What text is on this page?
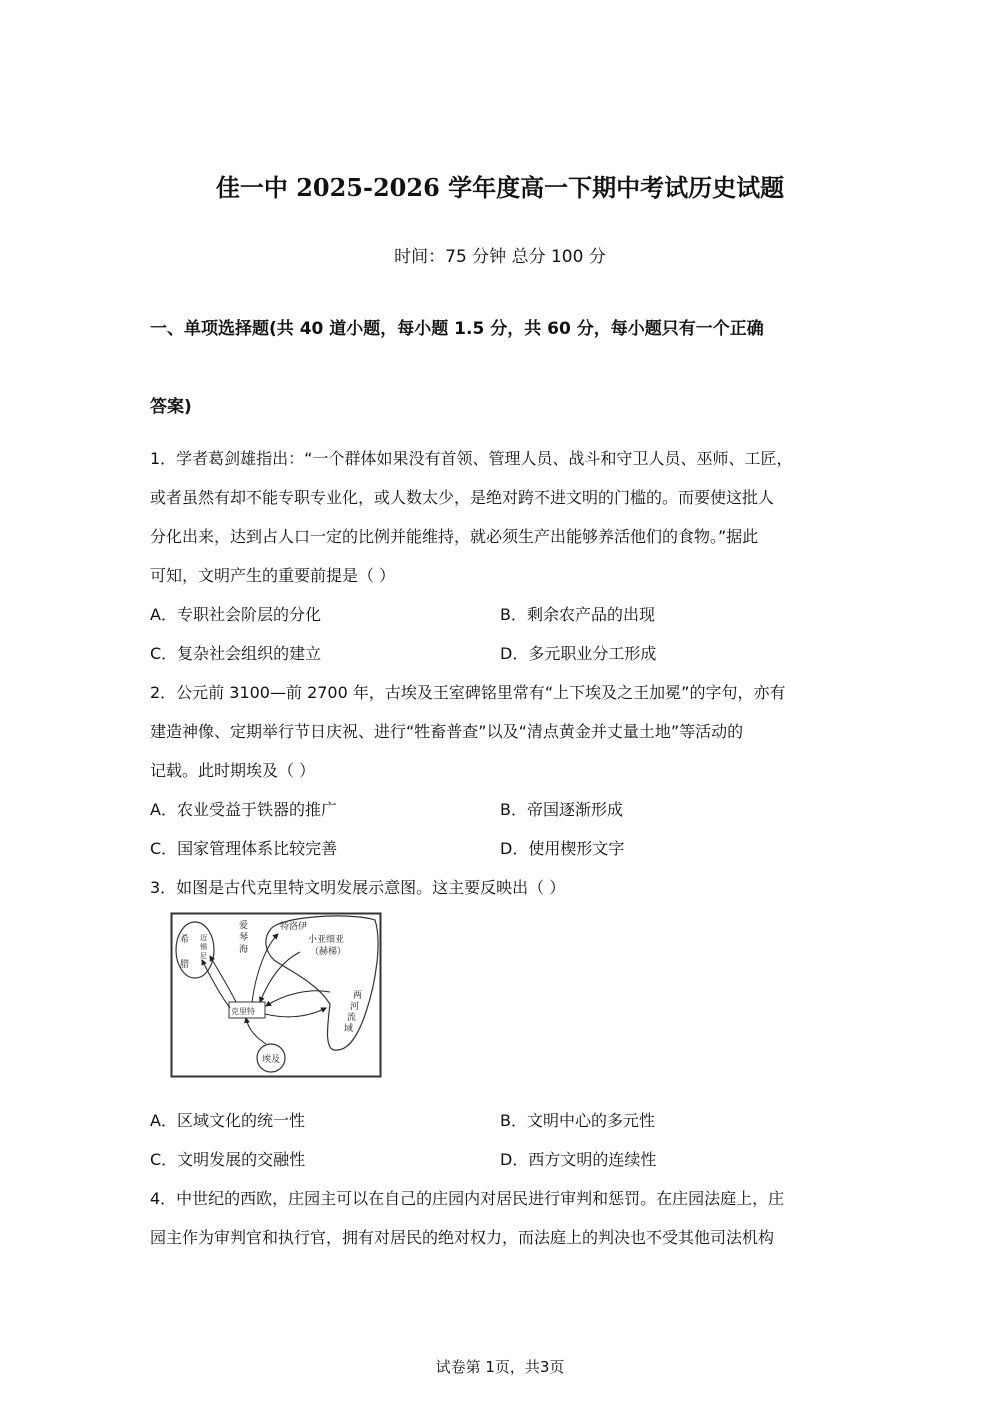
佳一中 2025-2026 学年度高一下期中考试历史试题
时间：75 分钟 总分 100 分
一、单项选择题(共 40 道小题，每小题 1.5 分，共 60 分，每小题只有一个正确
答案)
1．学者葛剑雄指出：“一个群体如果没有首领、管理人员、战斗和守卫人员、巫师、工匠，
或者虽然有却不能专职专业化，或人数太少，是绝对跨不进文明的门槛的。而要使这批人
分化出来，达到占人口一定的比例并能维持，就必须生产出能够养活他们的食物。”据此
可知，文明产生的重要前提是（ ）
A．专职社会阶层的分化	B．剩余农产品的出现
C．复杂社会组织的建立	D．多元职业分工形成
2．公元前 3100—前 2700 年，古埃及王室碑铭里常有“上下埃及之王加冕”的字句，亦有
建造神像、定期举行节日庆祝、进行“牲畜普查”以及“清点黄金并丈量土地”等活动的
记载。此时期埃及（ ）
A．农业受益于铁器的推广	B．帝国逐渐形成
C．国家管理体系比较完善	D．使用楔形文字
3．如图是古代克里特文明发展示意图。这主要反映出（ ）
希
腊
迈
锡
尼
爱
琴
海
特洛伊
小亚细亚
（赫梯）
克里特
两
河
流
域
埃及
A．区域文化的统一性	B．文明中心的多元性
C．文明发展的交融性	D．西方文明的连续性
4．中世纪的西欧，庄园主可以在自己的庄园内对居民进行审判和惩罚。在庄园法庭上，庄
园主作为审判官和执行官，拥有对居民的绝对权力，而法庭上的判决也不受其他司法机构
试卷第 1页，共3页
